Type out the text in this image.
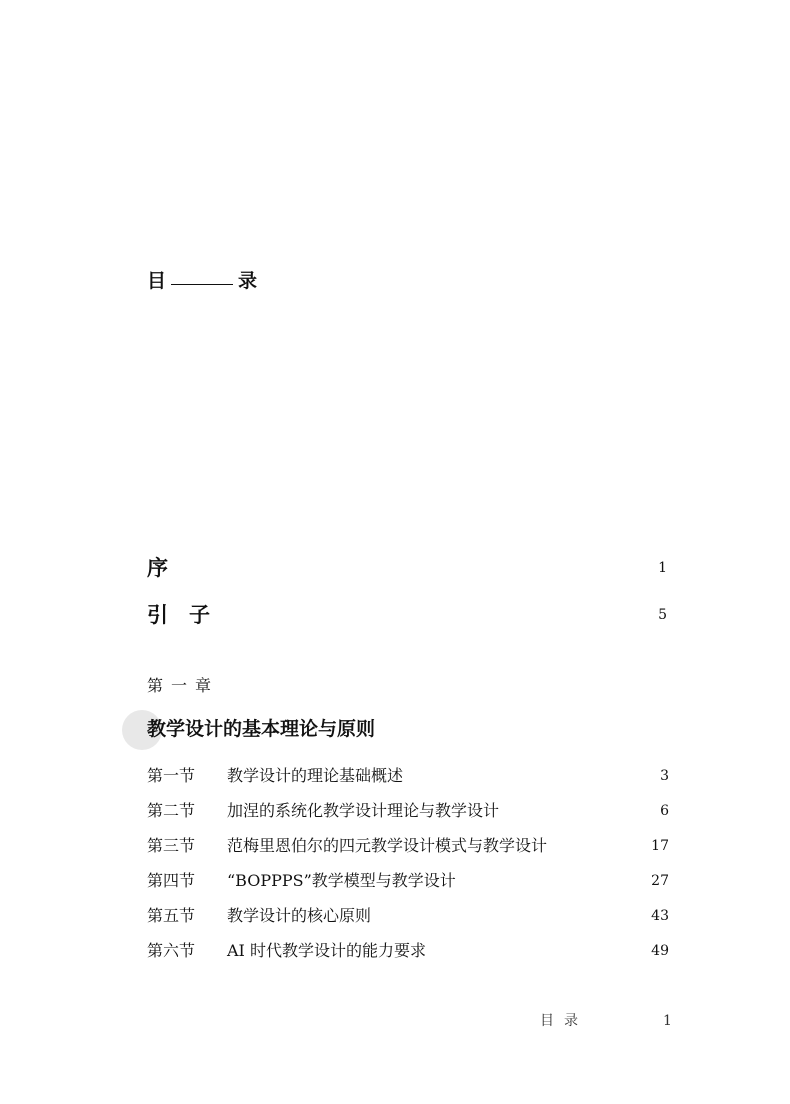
目	录
序	1
引　子	5
第一章
教学设计的基本理论与原则
第一节 教学设计的理论基础概述	3
第二节 加涅的系统化教学设计理论与教学设计	6
第三节 范梅里恩伯尔的四元教学设计模式与教学设计	17
第四节 “BOPPPS”教学模型与教学设计	27
第五节 教学设计的核心原则	43
第六节 AI 时代教学设计的能力要求	49
目录	1
